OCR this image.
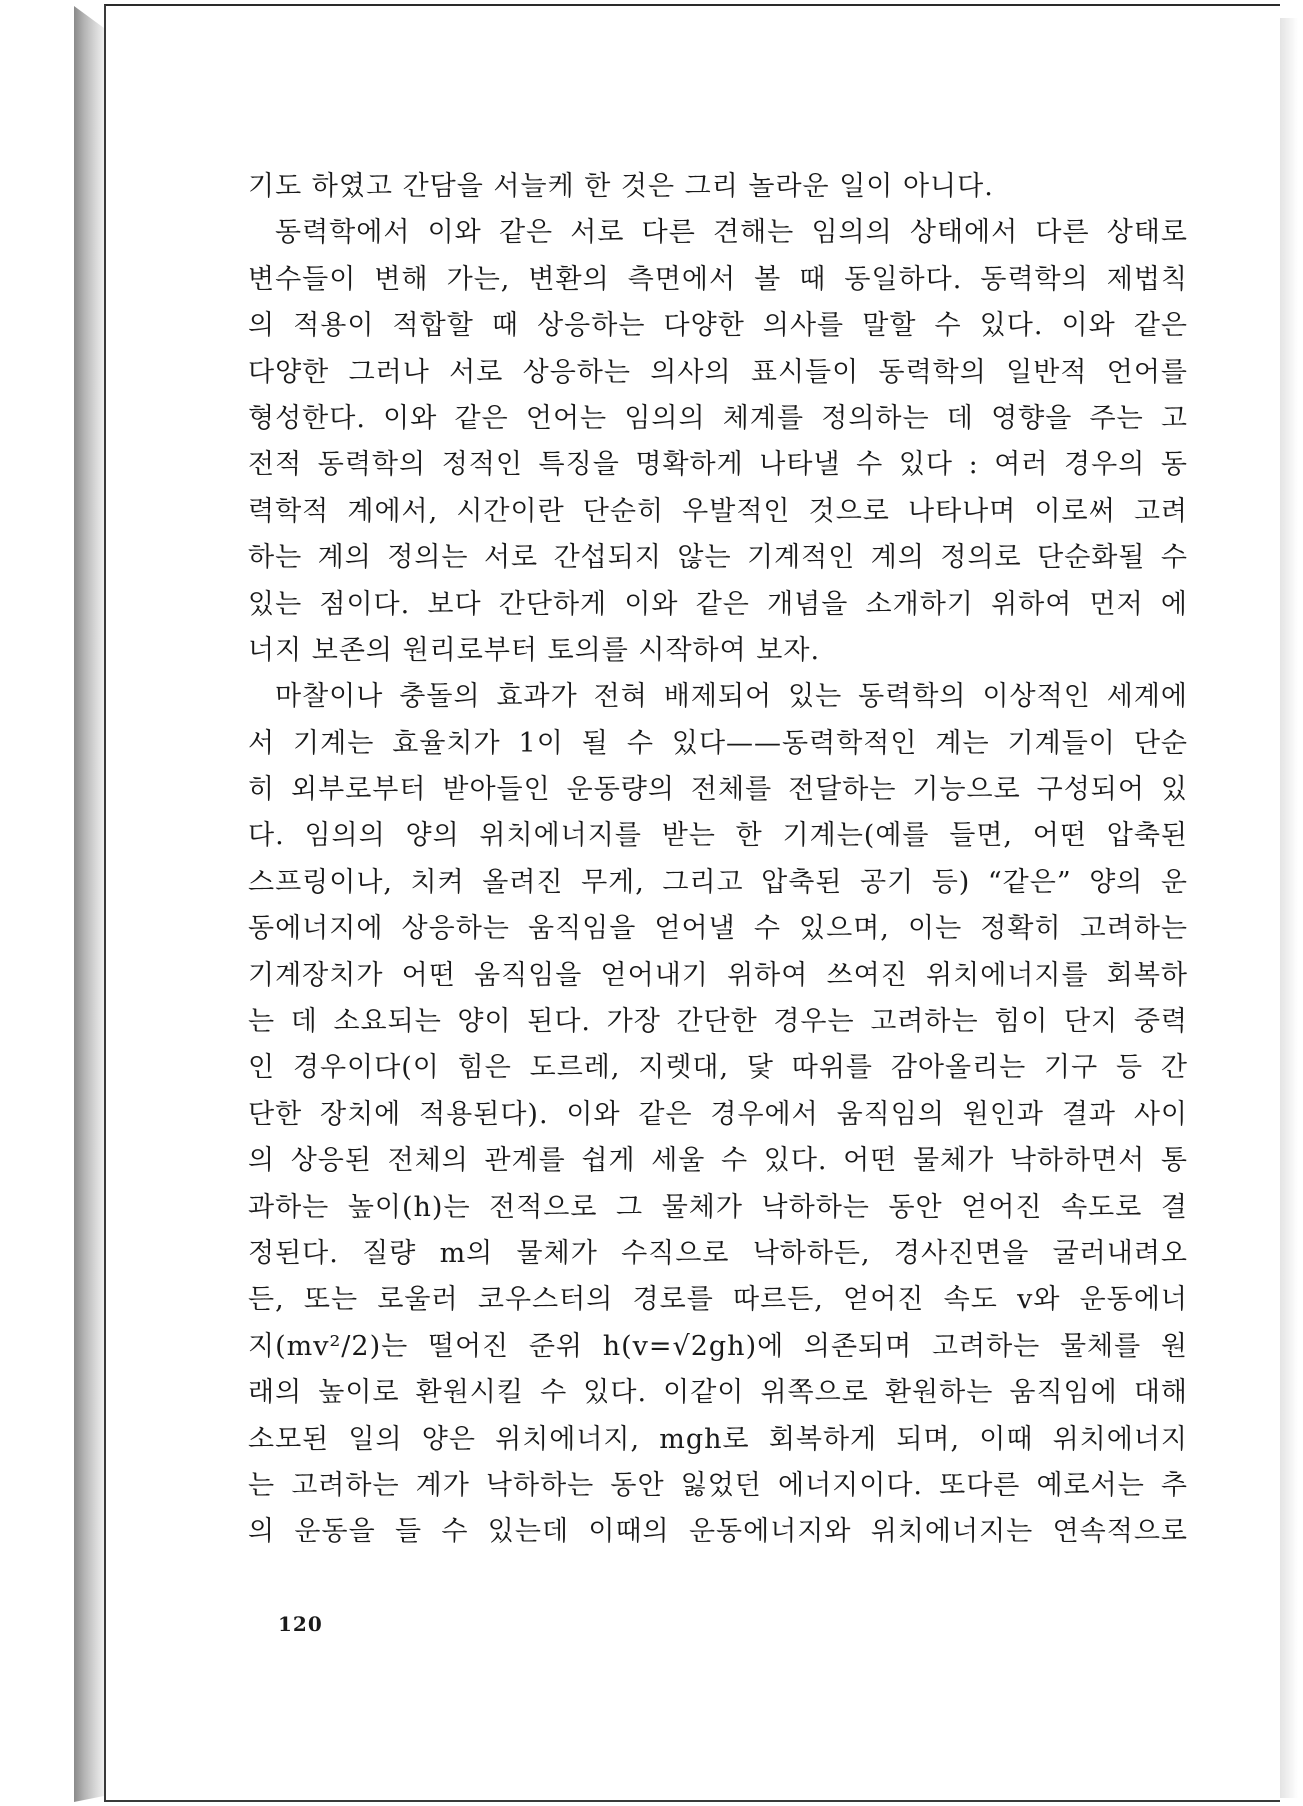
기도 하였고 간담을 서늘케 한 것은 그리 놀라운 일이 아니다.
동력학에서 이와 같은 서로 다른 견해는 임의의 상태에서 다른 상태로
변수들이 변해 가는, 변환의 측면에서 볼 때 동일하다. 동력학의 제법칙
의 적용이 적합할 때 상응하는 다양한 의사를 말할 수 있다. 이와 같은
다양한 그러나 서로 상응하는 의사의 표시들이 동력학의 일반적 언어를
형성한다. 이와 같은 언어는 임의의 체계를 정의하는 데 영향을 주는 고
전적 동력학의 정적인 특징을 명확하게 나타낼 수 있다 : 여러 경우의 동
력학적 계에서, 시간이란 단순히 우발적인 것으로 나타나며 이로써 고려
하는 계의 정의는 서로 간섭되지 않는 기계적인 계의 정의로 단순화될 수
있는 점이다. 보다 간단하게 이와 같은 개념을 소개하기 위하여 먼저 에
너지 보존의 원리로부터 토의를 시작하여 보자.
마찰이나 충돌의 효과가 전혀 배제되어 있는 동력학의 이상적인 세계에
서 기계는 효율치가 1이 될 수 있다——동력학적인 계는 기계들이 단순
히 외부로부터 받아들인 운동량의 전체를 전달하는 기능으로 구성되어 있
다. 임의의 양의 위치에너지를 받는 한 기계는(예를 들면, 어떤 압축된
스프링이나, 치켜 올려진 무게, 그리고 압축된 공기 등) “같은” 양의 운
동에너지에 상응하는 움직임을 얻어낼 수 있으며, 이는 정확히 고려하는
기계장치가 어떤 움직임을 얻어내기 위하여 쓰여진 위치에너지를 회복하
는 데 소요되는 양이 된다. 가장 간단한 경우는 고려하는 힘이 단지 중력
인 경우이다(이 힘은 도르레, 지렛대, 닻 따위를 감아올리는 기구 등 간
단한 장치에 적용된다). 이와 같은 경우에서 움직임의 원인과 결과 사이
의 상응된 전체의 관계를 쉽게 세울 수 있다. 어떤 물체가 낙하하면서 통
과하는 높이(h)는 전적으로 그 물체가 낙하하는 동안 얻어진 속도로 결
정된다. 질량 m의 물체가 수직으로 낙하하든, 경사진면을 굴러내려오
든, 또는 로울러 코우스터의 경로를 따르든, 얻어진 속도 v와 운동에너
지(mv²/2)는 떨어진 준위 h(v=√2gh)에 의존되며 고려하는 물체를 원
래의 높이로 환원시킬 수 있다. 이같이 위쪽으로 환원하는 움직임에 대해
소모된 일의 양은 위치에너지, mgh로 회복하게 되며, 이때 위치에너지
는 고려하는 계가 낙하하는 동안 잃었던 에너지이다. 또다른 예로서는 추
의 운동을 들 수 있는데 이때의 운동에너지와 위치에너지는 연속적으로
120
